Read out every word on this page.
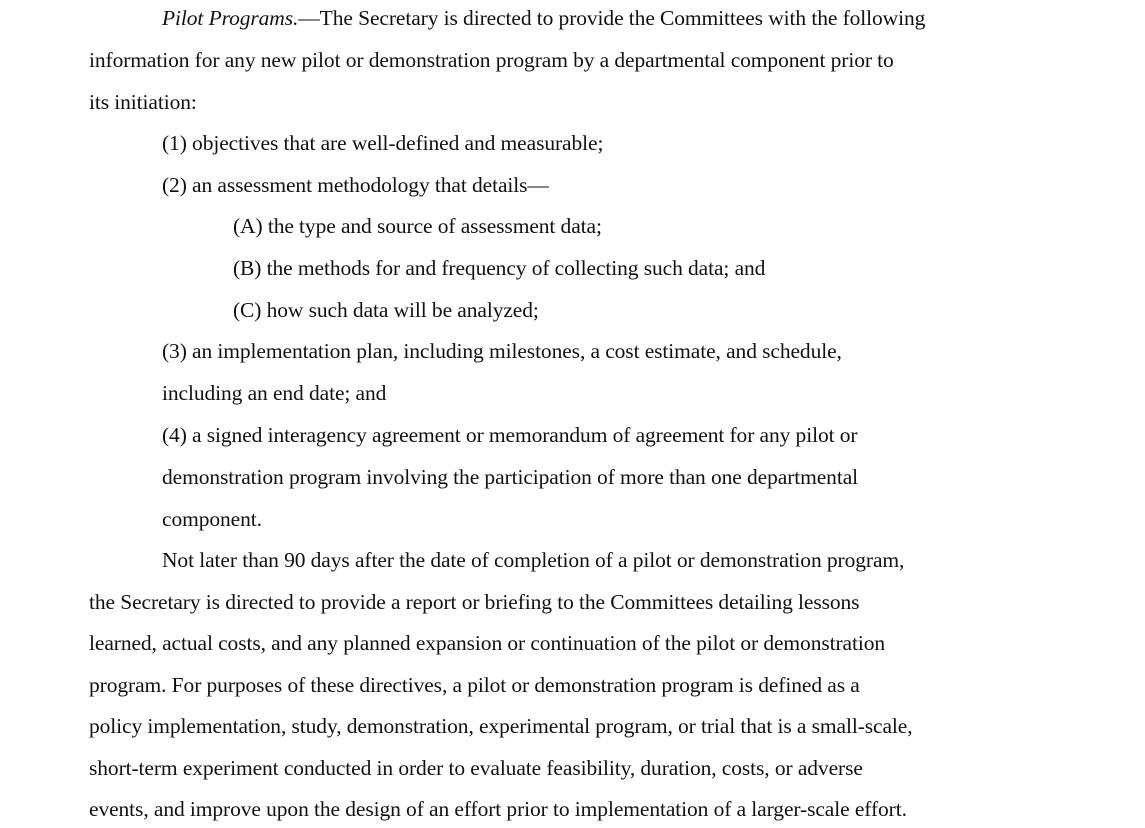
Pilot Programs.—The Secretary is directed to provide the Committees with the following
information for any new pilot or demonstration program by a departmental component prior to
its initiation:
(1) objectives that are well-defined and measurable;
(2) an assessment methodology that details—
(A) the type and source of assessment data;
(B) the methods for and frequency of collecting such data; and
(C) how such data will be analyzed;
(3) an implementation plan, including milestones, a cost estimate, and schedule,
including an end date; and
(4) a signed interagency agreement or memorandum of agreement for any pilot or
demonstration program involving the participation of more than one departmental
component.
Not later than 90 days after the date of completion of a pilot or demonstration program,
the Secretary is directed to provide a report or briefing to the Committees detailing lessons
learned, actual costs, and any planned expansion or continuation of the pilot or demonstration
program. For purposes of these directives, a pilot or demonstration program is defined as a
policy implementation, study, demonstration, experimental program, or trial that is a small-scale,
short-term experiment conducted in order to evaluate feasibility, duration, costs, or adverse
events, and improve upon the design of an effort prior to implementation of a larger-scale effort.
